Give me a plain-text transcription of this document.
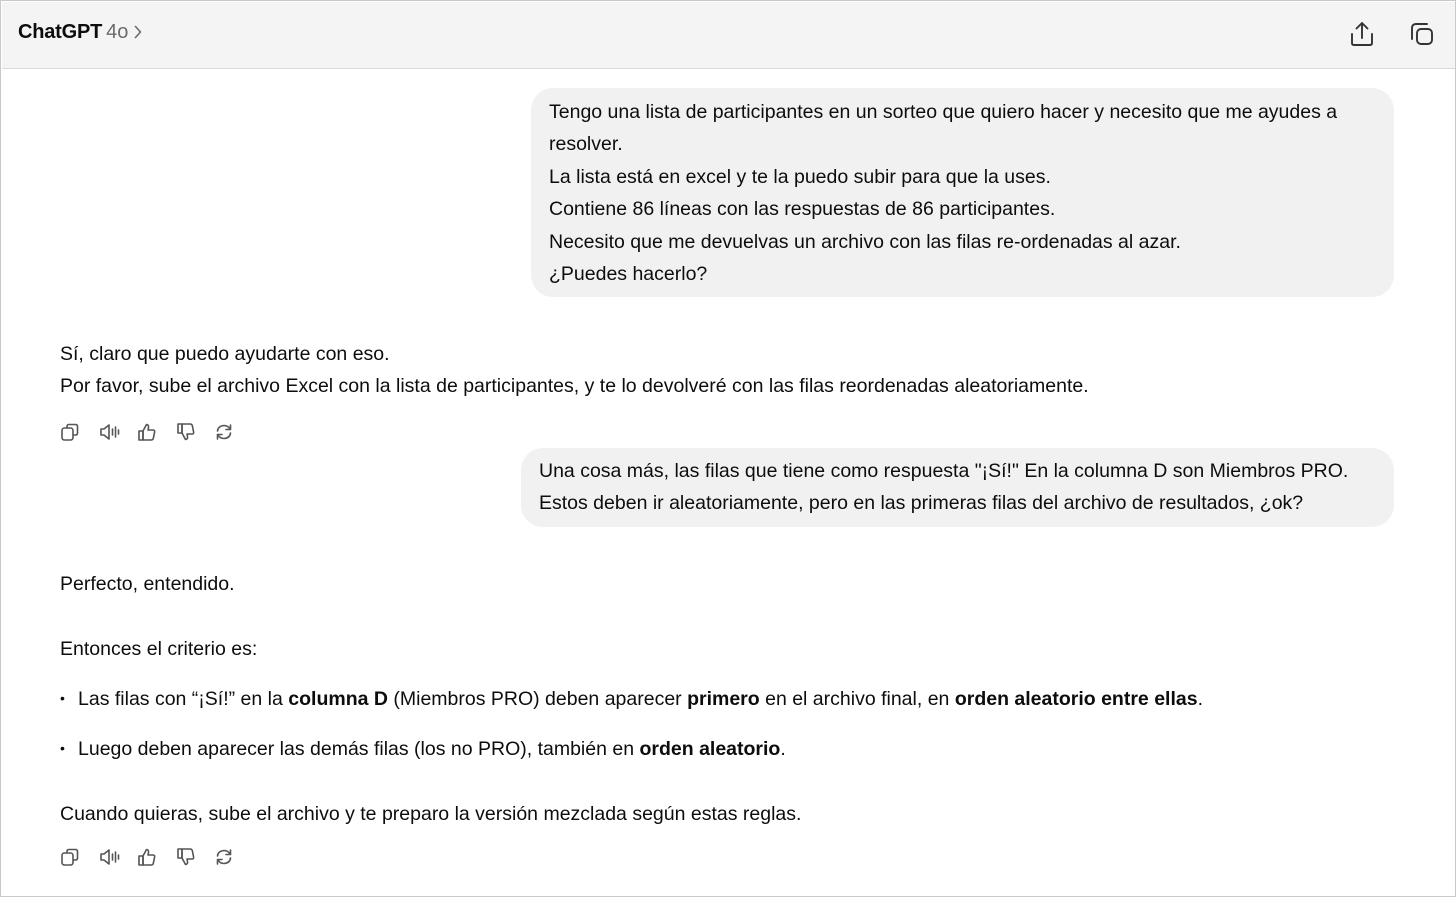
ChatGPT 4o

Tengo una lista de participantes en un sorteo que quiero hacer y necesito que me ayudes a resolver.

La lista está en excel y te la puedo subir para que la uses.

Contiene 86 líneas con las respuestas de 86 participantes.

Necesito que me devuelvas un archivo con las filas re-ordenadas al azar.

¿Puedes hacerlo?

Sí, claro que puedo ayudarte con eso.
Por favor, sube el archivo Excel con la lista de participantes, y te lo devolveré con las filas reordenadas aleatoriamente.

Una cosa más, las filas que tiene como respuesta "¡Sí!" En la columna D son Miembros PRO.

Estos deben ir aleatoriamente, pero en las primeras filas del archivo de resultados, ¿ok?

Perfecto, entendido.
Entonces el criterio es:
• Las filas con “¡Sí!” en la columna D (Miembros PRO) deben aparecer primero en el archivo final, en orden aleatorio entre ellas.
• Luego deben aparecer las demás filas (los no PRO), también en orden aleatorio.
Cuando quieras, sube el archivo y te preparo la versión mezclada según estas reglas.
